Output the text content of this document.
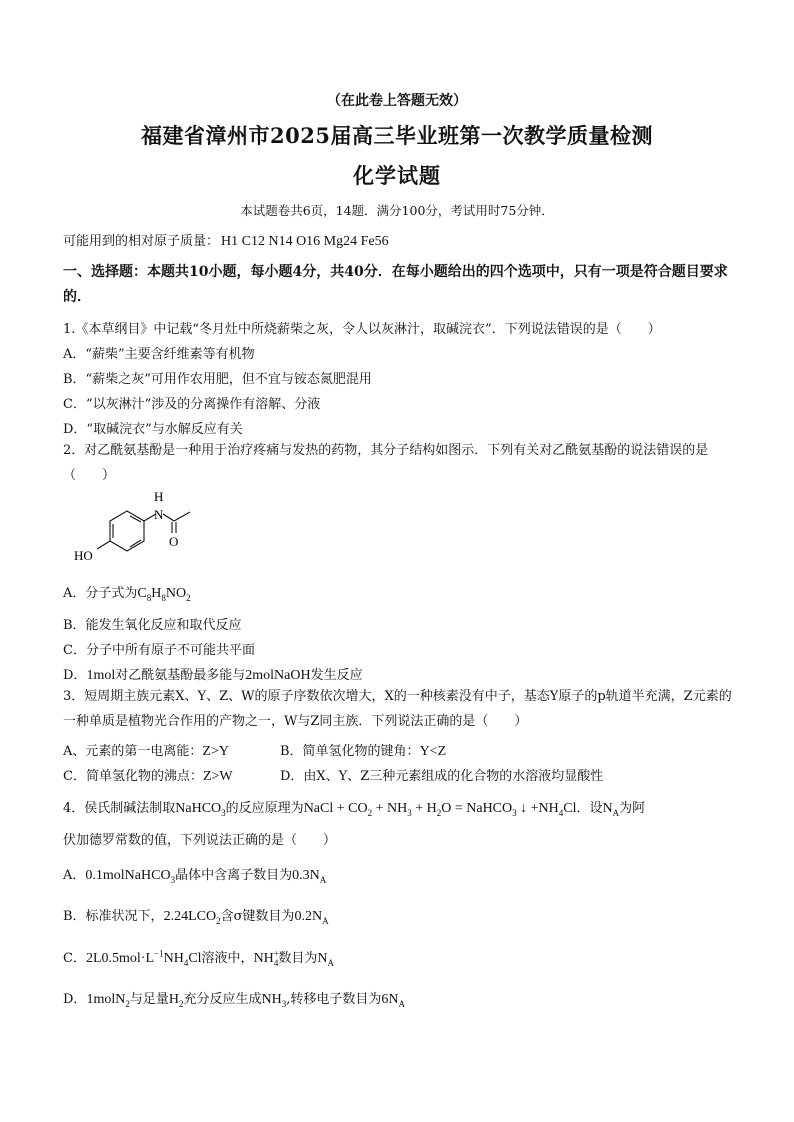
（在此卷上答题无效）
福建省漳州市2025届高三毕业班第一次教学质量检测
化学试题
本试题卷共6页，14题．满分100分，考试用时75分钟．
可能用到的相对原子质量： H1 C12 N14 O16 Mg24 Fe56
一、选择题：本题共10小题，每小题4分，共40分．在每小题给出的四个选项中，只有一项是符合题目要求的．
1.《本草纲目》中记载“冬月灶中所烧薪柴之灰，令人以灰淋汁，取碱浣衣”．下列说法错误的是（　　）
A．“薪柴”主要含纤维素等有机物
B．“薪柴之灰”可用作农用肥，但不宜与铵态氮肥混用
C．“以灰淋汁”涉及的分离操作有溶解、分液
D．“取碱浣衣”与水解反应有关
2．对乙酰氨基酚是一种用于治疗疼痛与发热的药物，其分子结构如图示．下列有关对乙酰氨基酚的说法错误的是（　　）
H
N
O
HO
A．分子式为$C_8H_8NO_2$
B．能发生氧化反应和取代反应
C．分子中所有原子不可能共平面
D．1mol对乙酰氨基酚最多能与2molNaOH发生反应
3．短周期主族元素X、Y、Z、W的原子序数依次增大，X的一种核素没有中子，基态Y原子的p轨道半充满，Z元素的一种单质是植物光合作用的产物之一，W与Z同主族．下列说法正确的是（　　）
A、元素的第一电离能：Z>Y	B．简单氢化物的键角：Y<Z
C．简单氢化物的沸点：Z>W	D．由X、Y、Z三种元素组成的化合物的水溶液均显酸性
4．侯氏制碱法制取NaHCO$_3$的反应原理为NaCl + $CO_2 + NH_3 + H_2O$ = NaHCO$_3$ ↓ $+NH_4Cl$．设$N_A$为阿
伏加德罗常数的值，下列说法正确的是（　　）
A．0.1molNaHCO$_3$晶体中含离子数目为$0.3N_A$
B．标准状况下，$2.24LCO_2$含σ键数目为$0.2N_A$
C．$2L0.5mol\cdot L^{-1}NH_4Cl$溶液中，$NH^+_4$数目为$N_A$
D．1molN$_2$与足量$H_2$充分反应生成$NH_3$,转移电子数目为$6N_A$
